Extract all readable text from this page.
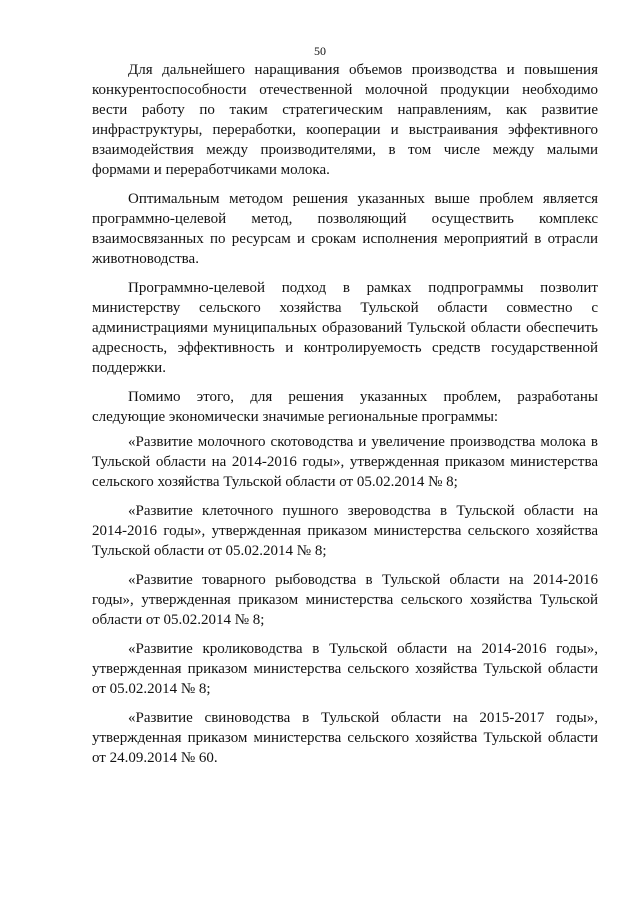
50

Для дальнейшего наращивания объемов производства и повышения конкурентоспособности отечественной молочной продукции необходимо вести работу по таким стратегическим направлениям, как развитие инфраструктуры, переработки, кооперации и выстраивания эффективного взаимодействия между производителями, в том числе между малыми формами и переработчиками молока.

Оптимальным методом решения указанных выше проблем является программно-целевой метод, позволяющий осуществить комплекс взаимосвязанных по ресурсам и срокам исполнения мероприятий в отрасли животноводства.

Программно-целевой подход в рамках подпрограммы позволит министерству сельского хозяйства Тульской области совместно с администрациями муниципальных образований Тульской области обеспечить адресность, эффективность и контролируемость средств государственной поддержки.

Помимо этого, для решения указанных проблем, разработаны следующие экономически значимые региональные программы:

«Развитие молочного скотоводства и увеличение производства молока в Тульской области на 2014-2016 годы», утвержденная приказом министерства сельского хозяйства Тульской области от 05.02.2014 № 8;

«Развитие клеточного пушного звероводства в Тульской области на 2014-2016 годы», утвержденная приказом министерства сельского хозяйства Тульской области от 05.02.2014 № 8;

«Развитие товарного рыбоводства в Тульской области на 2014-2016 годы», утвержденная приказом министерства сельского хозяйства Тульской области от 05.02.2014 № 8;

«Развитие кролиководства в Тульской области на 2014-2016 годы», утвержденная приказом министерства сельского хозяйства Тульской области от 05.02.2014 № 8;

«Развитие свиноводства в Тульской области на 2015-2017 годы», утвержденная приказом министерства сельского хозяйства Тульской области от 24.09.2014 № 60.
